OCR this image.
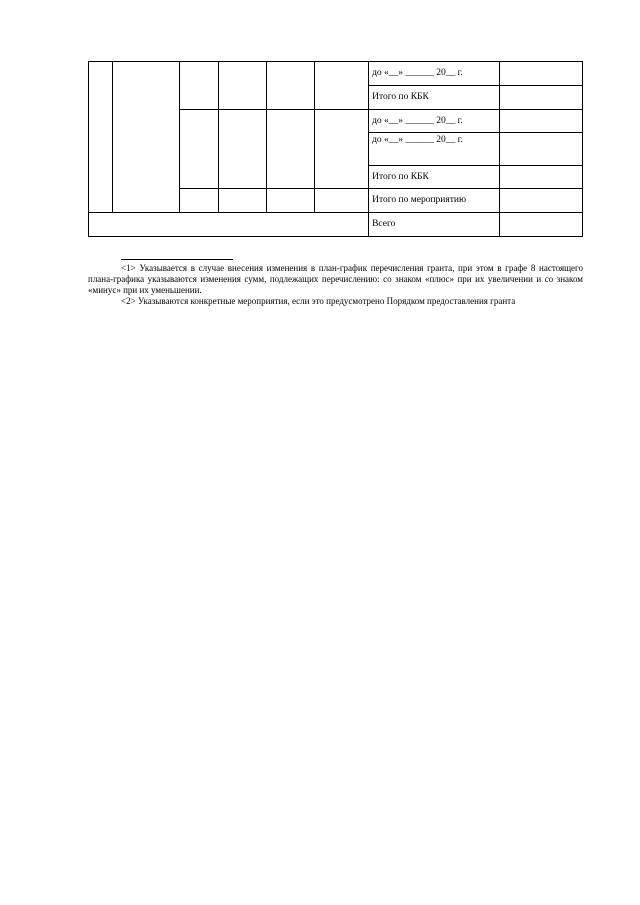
						до «__» ______ 20__ г.	
						Итого по КБК	
						до «__» ______ 20__ г.	
						до «__» ______ 20__ г.	
						Итого по КБК	
						Итого по мероприятию	
						Всего	

<1> Указывается в случае внесения изменения в план-график перечисления гранта, при этом в графе 8 настоящего плана-графика указываются изменения сумм, подлежащих перечислению: со знаком «плюс» при их увеличении и со знаком «минус» при их уменьшении.

<2> Указываются конкретные мероприятия, если это предусмотрено Порядком предоставления гранта
